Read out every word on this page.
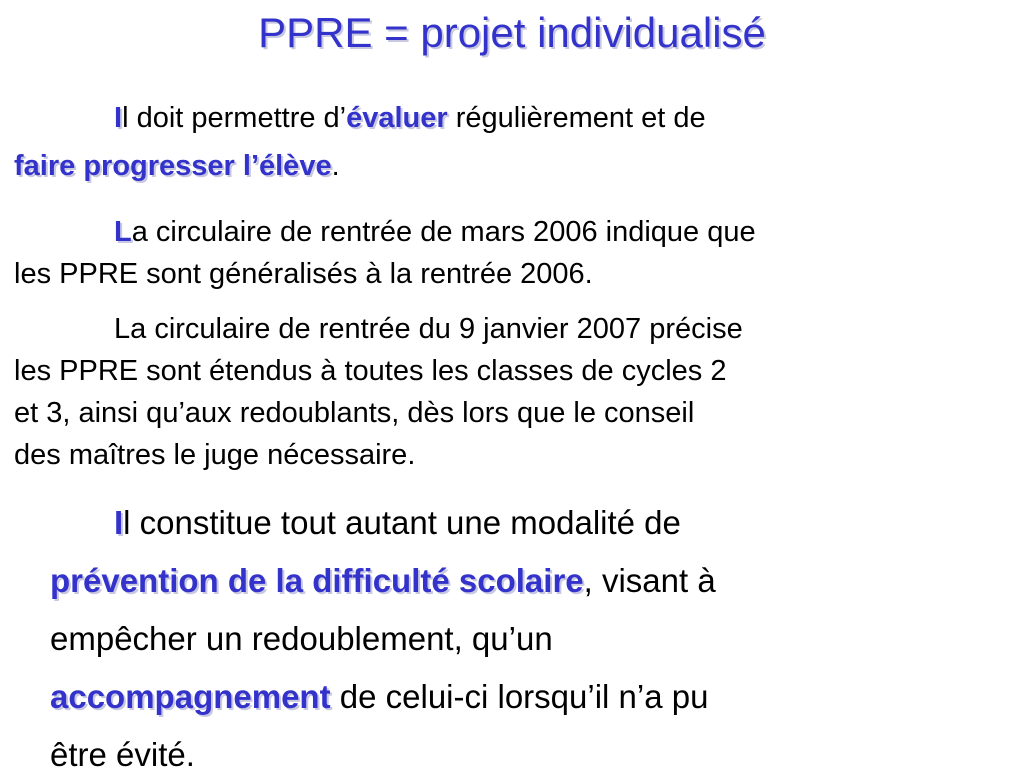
PPRE = projet individualisé

Il doit permettre d’évaluer régulièrement et de
faire progresser l’élève.

La circulaire de rentrée de mars 2006 indique que
les PPRE sont généralisés à la rentrée 2006.

La circulaire de rentrée du 9 janvier 2007 précise
les PPRE sont étendus à toutes les classes de cycles 2
et 3, ainsi qu’aux redoublants, dès lors que le conseil
des maîtres le juge nécessaire.

Il constitue tout autant une modalité de
prévention de la difficulté scolaire, visant à
empêcher un redoublement, qu’un
accompagnement de celui-ci lorsqu’il n’a pu
être évité.
